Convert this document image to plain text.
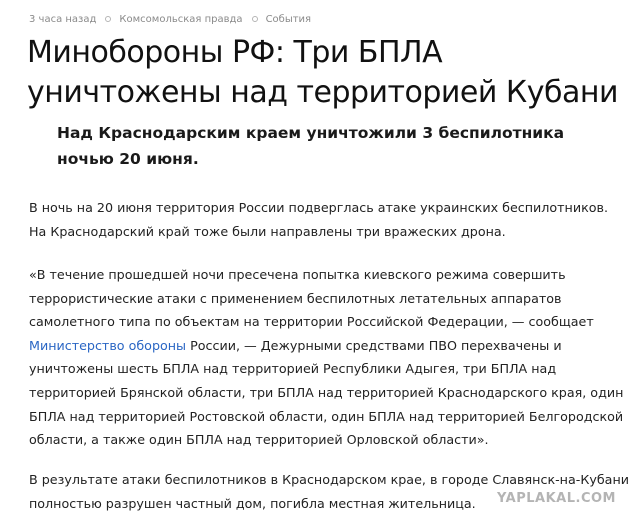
3 часа назад Комсомольская правда События
Минобороны РФ: Три БПЛА уничтожены над территорией Кубани

Над Краснодарским краем уничтожили 3 беспилотника ночью 20 июня.

В ночь на 20 июня территория России подверглась атаке украинских беспилотников. На Краснодарский край тоже были направлены три вражеских дрона.

«В течение прошедшей ночи пресечена попытка киевского режима совершить террористические атаки с применением беспилотных летательных аппаратов самолетного типа по объектам на территории Российской Федерации, — сообщает Министерство обороны России, — Дежурными средствами ПВО перехвачены и уничтожены шесть БПЛА над территорией Республики Адыгея, три БПЛА над территорией Брянской области, три БПЛА над территорией Краснодарского края, один БПЛА над территорией Ростовской области, один БПЛА над территорией Белгородской области, а также один БПЛА над территорией Орловской области».

В результате атаки беспилотников в Краснодарском крае, в городе Славянск-на-Кубани полностью разрушен частный дом, погибла местная жительница.	YAPLAKAL.COM
